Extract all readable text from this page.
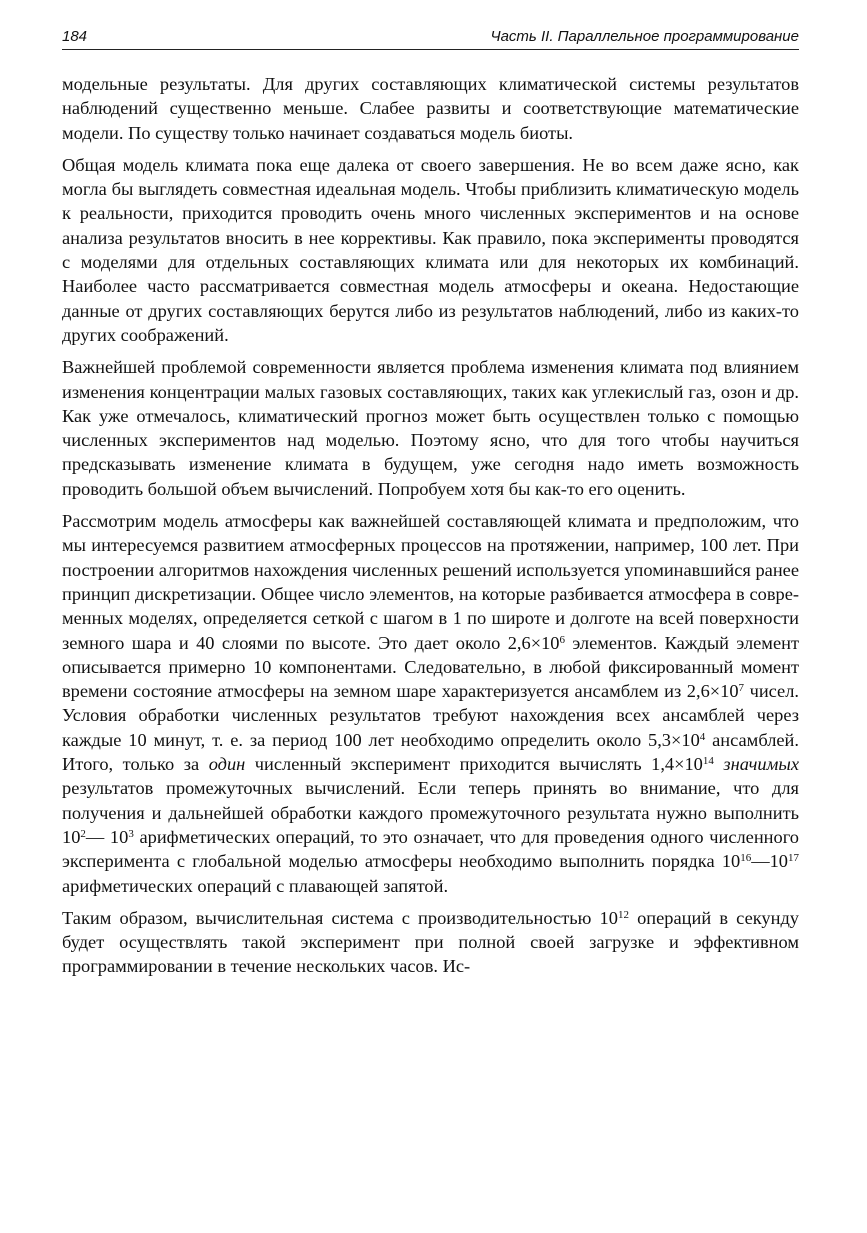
184	Часть II. Параллельное программирование

модельные результаты. Для других составляющих климатической системы результатов наблюдений существенно меньше. Слабее развиты и соответствующие математические модели. По существу только начинает создаваться модель биоты.

Общая модель климата пока еще далека от своего завершения. Не во всем даже ясно, как могла бы выглядеть совместная идеальная модель. Чтобы приблизить климатическую модель к реальности, приходится проводить очень много численных экспериментов и на основе анализа результатов вносить в нее коррективы. Как правило, пока эксперименты проводятся с моделями для отдельных составляющих климата или для некоторых их комбинаций. Наиболее часто рассматривается совместная модель атмосферы и океана. Недостающие данные от других составляющих берутся либо из результатов наблюдений, либо из каких-то других соображений.

Важнейшей проблемой современности является проблема изменения климата под влиянием изменения концентрации малых газовых составляющих, таких как углекислый газ, озон и др. Как уже отмечалось, климатический прогноз может быть осуществлен только с помощью численных экспериментов над моделью. Поэтому ясно, что для того чтобы научиться предсказывать изменение климата в будущем, уже сегодня надо иметь возможность проводить большой объем вычислений. Попробуем хотя бы как-то его оценить.

Рассмотрим модель атмосферы как важнейшей составляющей климата и предположим, что мы интересуемся развитием атмосферных процессов на протяжении, например, 100 лет. При построении алгоритмов нахождения численных решений используется упоминавшийся ранее принцип дискретизации. Общее число элементов, на которые разбивается атмосфера в современных моделях, определяется сеткой с шагом в 1 по широте и долготе на всей поверхности земного шара и 40 слоями по высоте. Это дает около $2,6\times 10^6$ элементов. Каждый элемент описывается примерно 10 компонентами. Следовательно, в любой фиксированный момент времени состояние атмосферы на земном шаре характеризуется ансамблем из $2,6\times 10^7$ чисел. Условия обработки численных результатов требуют нахождения всех ансамблей через каждые 10 минут, т. е. за период 100 лет необходимо определить около $5,3\times 10^4$ ансамблей. Итого, только за один численный эксперимент приходится вычислять $1,4\times 10^{14}$ значимых результатов промежуточных вычислений. Если теперь принять во внимание, что для получения и дальнейшей обработки каждого промежуточного результата нужно выполнить $10^2—$ $10^3$ арифметических операций, то это означает, что для проведения одного численного эксперимента с глобальной моделью атмосферы необходимо выполнить порядка $10^{16}—10^{17}$ арифметических операций с плавающей запятой.

Таким образом, вычислительная система с производительностью $10^{12}$ операций в секунду будет осуществлять такой эксперимент при полной своей загрузке и эффективном программировании в течение нескольких часов. Ис-
